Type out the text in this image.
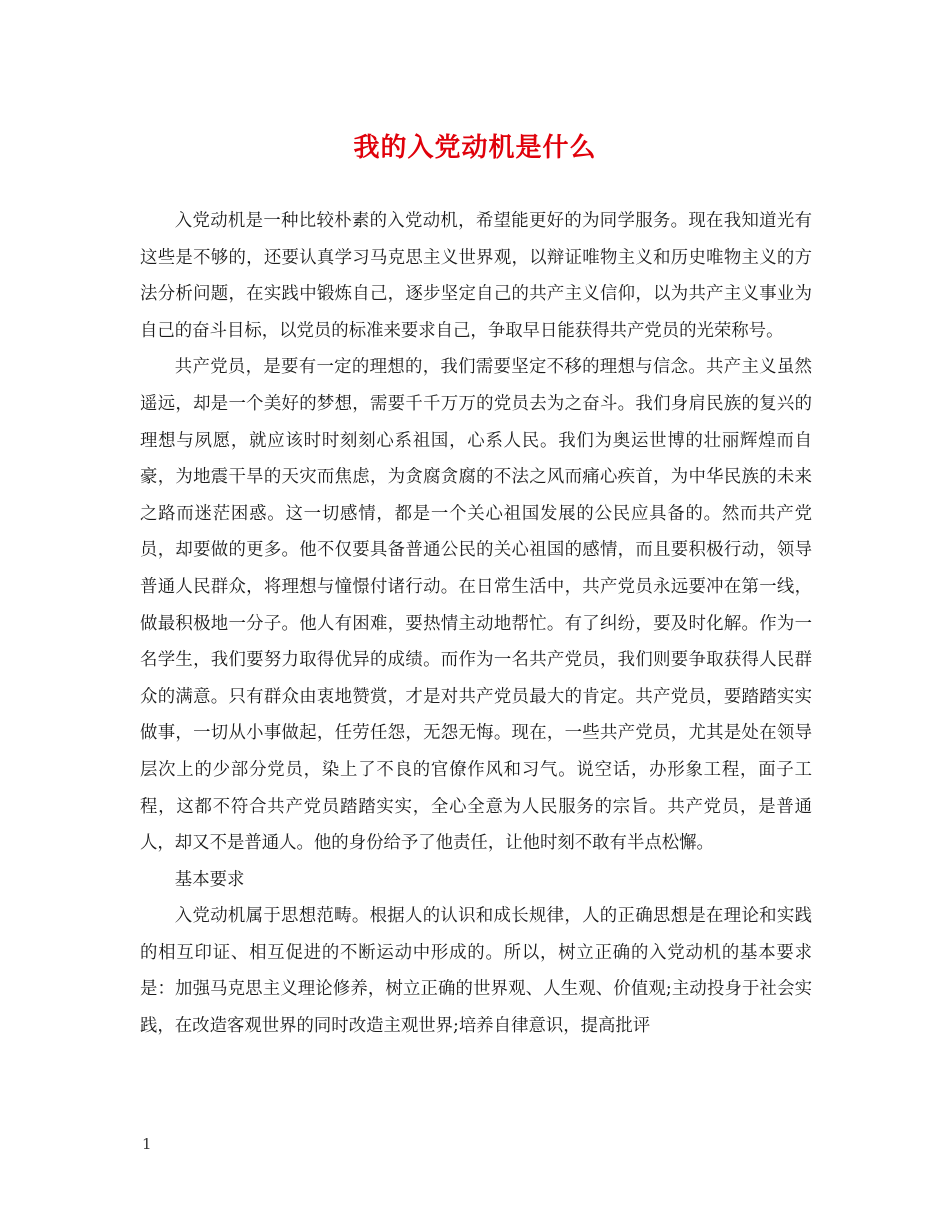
我的入党动机是什么

入党动机是一种比较朴素的入党动机，希望能更好的为同学服务。现在我知道光有这些是不够的，还要认真学习马克思主义世界观，以辩证唯物主义和历史唯物主义的方法分析问题，在实践中锻炼自己，逐步坚定自己的共产主义信仰，以为共产主义事业为自己的奋斗目标，以党员的标准来要求自己，争取早日能获得共产党员的光荣称号。

共产党员，是要有一定的理想的，我们需要坚定不移的理想与信念。共产主义虽然遥远，却是一个美好的梦想，需要千千万万的党员去为之奋斗。我们身肩民族的复兴的理想与夙愿，就应该时时刻刻心系祖国，心系人民。我们为奥运世博的壮丽辉煌而自豪，为地震干旱的天灾而焦虑，为贪腐贪腐的不法之风而痛心疾首，为中华民族的未来之路而迷茫困惑。这一切感情，都是一个关心祖国发展的公民应具备的。然而共产党员，却要做的更多。他不仅要具备普通公民的关心祖国的感情，而且要积极行动，领导普通人民群众，将理想与憧憬付诸行动。在日常生活中，共产党员永远要冲在第一线，做最积极地一分子。他人有困难，要热情主动地帮忙。有了纠纷，要及时化解。作为一名学生，我们要努力取得优异的成绩。而作为一名共产党员，我们则要争取获得人民群众的满意。只有群众由衷地赞赏，才是对共产党员最大的肯定。共产党员，要踏踏实实做事，一切从小事做起，任劳任怨，无怨无悔。现在，一些共产党员，尤其是处在领导层次上的少部分党员，染上了不良的官僚作风和习气。说空话，办形象工程，面子工程，这都不符合共产党员踏踏实实，全心全意为人民服务的宗旨。共产党员，是普通人，却又不是普通人。他的身份给予了他责任，让他时刻不敢有半点松懈。

基本要求

入党动机属于思想范畴。根据人的认识和成长规律，人的正确思想是在理论和实践的相互印证、相互促进的不断运动中形成的。所以，树立正确的入党动机的基本要求是：加强马克思主义理论修养，树立正确的世界观、人生观、价值观;主动投身于社会实践，在改造客观世界的同时改造主观世界;培养自律意识，提高批评

1
